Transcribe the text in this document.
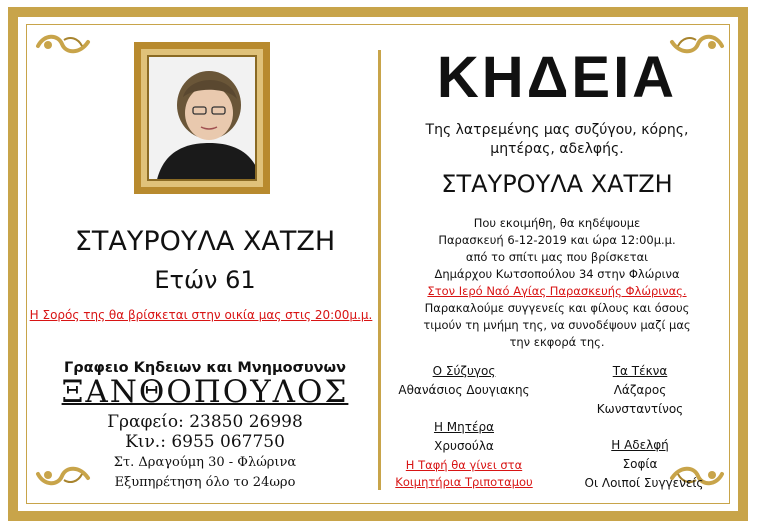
ΣΤΑΥΡΟΥΛΑ ΧΑΤΖΗ
Ετών 61
Η Σορός της θα βρίσκεται στην οικία μας στις 20:00μ.μ.
Γραφειο Κηδειων και Μνημοσυνων
ΞΑΝΘΟΠΟΥΛΟΣ
Γραφείο: 23850 26998
Κιν.: 6955 067750
Στ. Δραγούμη 30 - Φλώρινα
Εξυπηρέτηση όλο το 24ωρο
ΚΗΔΕΙΑ
Της λατρεμένης μας συζύγου, κόρης,
μητέρας, αδελφής.
ΣΤΑΥΡΟΥΛΑ ΧΑΤΖΗ
Που εκοιμήθη, θα κηδέψουμε
Παρασκευή 6-12-2019 και ώρα 12:00μ.μ.
από το σπίτι μας που βρίσκεται
Δημάρχου Κωτσοπούλου 34 στην Φλώρινα
Στον Ιερό Ναό Αγίας Παρασκευής Φλώρινας.
Παρακαλούμε συγγενείς και φίλους και όσους
τιμούν τη μνήμη της, να συνοδέψουν μαζί μας
την εκφορά της.
Ο Σύζυγος
Αθανάσιος Δουγιακης
Τα Τέκνα
Λάζαρος
Κωνσταντίνος
Η Μητέρα
Χρυσούλα
Η Ταφή θα γίνει στα
Κοιμητήρια Τριποταμου
Η Αδελφή
Σοφία
Οι Λοιποί Συγγενείς
